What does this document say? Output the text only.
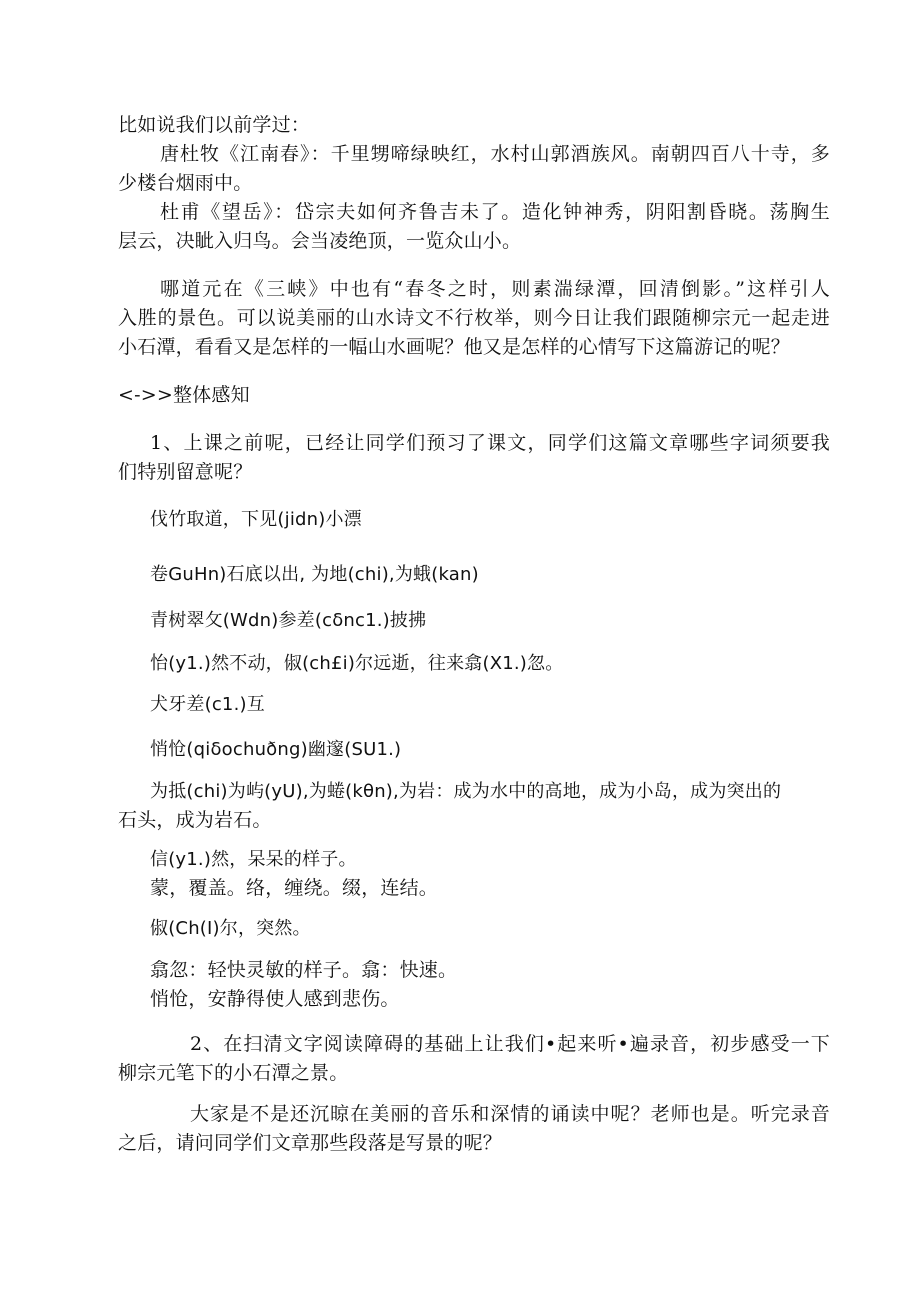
比如说我们以前学过：
唐杜牧《江南春》：千里甥啼绿映红，水村山郭酒族风。南朝四百八十寺，多
少楼台烟雨中。
杜甫《望岳》：岱宗夫如何齐鲁吉未了。造化钟神秀，阴阳割昏晓。荡胸生
层云，决眦入归鸟。会当凌绝顶，一览众山小。
哪道元在《三峡》中也有“春冬之时，则素湍绿潭，回清倒影。”这样引人
入胜的景色。可以说美丽的山水诗文不行枚举，则今日让我们跟随柳宗元一起走进
小石潭，看看又是怎样的一幅山水画呢？他又是怎样的心情写下这篇游记的呢？
<->>整体感知
1、上课之前呢，已经让同学们预习了课文，同学们这篇文章哪些字词须要我
们特别留意呢？
伐竹取道，下见(jidn)小漂
卷GuHn)石底以出, 为地(chi),为蛾(kan)
青树翠攵(Wdn)参差(cδnc1.)披拂
怡(y1.)然不动，俶(ch£i)尔远逝，往来翕(X1.)忽。
犬牙差(c1.)互
悄怆(qiδochuðng)幽邃(SU1.)
为抵(chi)为屿(yU),为蜷(kθn),为岩：成为水中的高地，成为小岛，成为突出的
石头，成为岩石。
信(y1.)然，呆呆的样子。
蒙，覆盖。络，缠绕。缀，连结。
俶(Ch(I)尔，突然。
翕忽：轻快灵敏的样子。翕：快速。
悄怆，安静得使人感到悲伤。
2、在扫清文字阅读障碍的基础上让我们•起来听•遍录音，初步感受一下
柳宗元笔下的小石潭之景。
大家是不是还沉晾在美丽的音乐和深情的诵读中呢？老师也是。听完录音
之后，请问同学们文章那些段落是写景的呢？
